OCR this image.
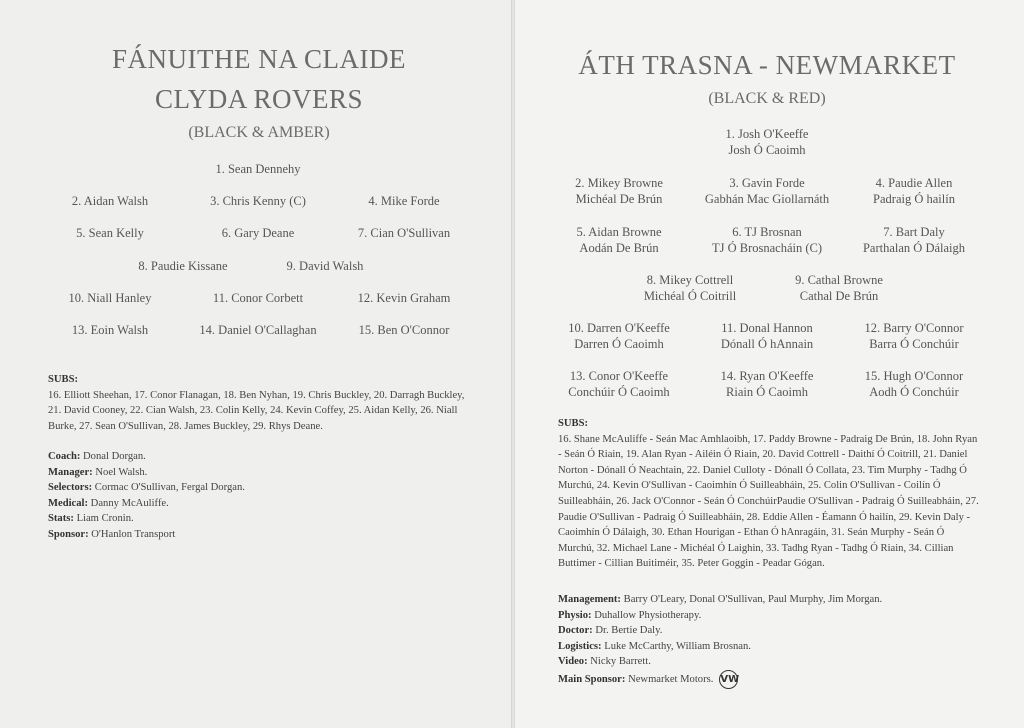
FÁNUITHE NA CLAIDE
CLYDA ROVERS
(BLACK & AMBER)
1. Sean Dennehy
2. Aidan Walsh	3. Chris Kenny (C)	4. Mike Forde
5. Sean Kelly	6. Gary Deane	7. Cian O'Sullivan
8. Paudie Kissane	9. David Walsh
10. Niall Hanley	11. Conor Corbett	12. Kevin Graham
13. Eoin Walsh	14. Daniel O'Callaghan	15. Ben O'Connor
SUBS:
16. Elliott Sheehan, 17. Conor Flanagan, 18. Ben Nyhan, 19. Chris Buckley, 20. Darragh Buckley, 21. David Cooney, 22. Cian Walsh, 23. Colin Kelly, 24. Kevin Coffey, 25. Aidan Kelly, 26. Niall Burke, 27. Sean O'Sullivan, 28. James Buckley, 29. Rhys Deane.
Coach: Donal Dorgan.
Manager: Noel Walsh.
Selectors: Cormac O'Sullivan, Fergal Dorgan.
Medical: Danny McAuliffe.
Stats: Liam Cronin.
Sponsor: O'Hanlon Transport
ÁTH TRASNA - NEWMARKET
(BLACK & RED)
1. Josh O'Keeffe
Josh Ó Caoimh
2. Mikey Browne
Michéal De Brún
3. Gavin Forde
Gabhán Mac Giollarnáth
4. Paudie Allen
Padraig Ó hailín
5. Aidan Browne
Aodán De Brún
6. TJ Brosnan
TJ Ó Brosnacháin (C)
7. Bart Daly
Parthalan Ó Dálaigh
8. Mikey Cottrell
Michéal Ó Coitrill
9. Cathal Browne
Cathal De Brún
10. Darren O'Keeffe
Darren Ó Caoimh
11. Donal Hannon
Dónall Ó hAnnain
12. Barry O'Connor
Barra Ó Conchúir
13. Conor O'Keeffe
Conchúir Ó Caoimh
14. Ryan O'Keeffe
Riain Ó Caoimh
15. Hugh O'Connor
Aodh Ó Conchúir
SUBS:
16. Shane McAuliffe - Seán Mac Amhlaoibh, 17. Paddy Browne - Padraig De Brún, 18. John Ryan - Seán Ó Riain, 19. Alan Ryan - Ailéin Ó Riain, 20. David Cottrell - Daithí Ó Coitrill, 21. Daniel Norton - Dónall Ó Neachtain, 22. Daniel Culloty - Dónall Ó Collata, 23. Tim Murphy - Tadhg Ó Murchú, 24. Kevin O'Sullivan - Caoimhín Ó Suilleabháin, 25. Colin O'Sullivan - Coilín Ó Suilleabháin, 26. Jack O'Connor - Seán Ó ConchúirPaudie O'Sullivan - Padraig Ó Suilleabháin, 27. Paudie O'Sullivan - Padraig Ó Suilleabháin, 28. Eddie Allen - Éamann Ó hailín, 29. Kevin Daly - Caoimhín Ó Dálaigh, 30. Ethan Hourigan - Ethan Ó hAnragáin, 31. Seán Murphy - Seán Ó Murchú, 32. Michael Lane - Michéal Ó Laighin, 33. Tadhg Ryan - Tadhg Ó Riain, 34. Cillian Buttimer - Cillian Buitiméir, 35. Peter Goggin - Peadar Gógan.
Management: Barry O'Leary, Donal O'Sullivan, Paul Murphy, Jim Morgan.
Physio: Duhallow Physiotherapy.
Doctor: Dr. Bertie Daly.
Logistics: Luke McCarthy, William Brosnan.
Video: Nicky Barrett.
Main Sponsor: Newmarket Motors. VW
